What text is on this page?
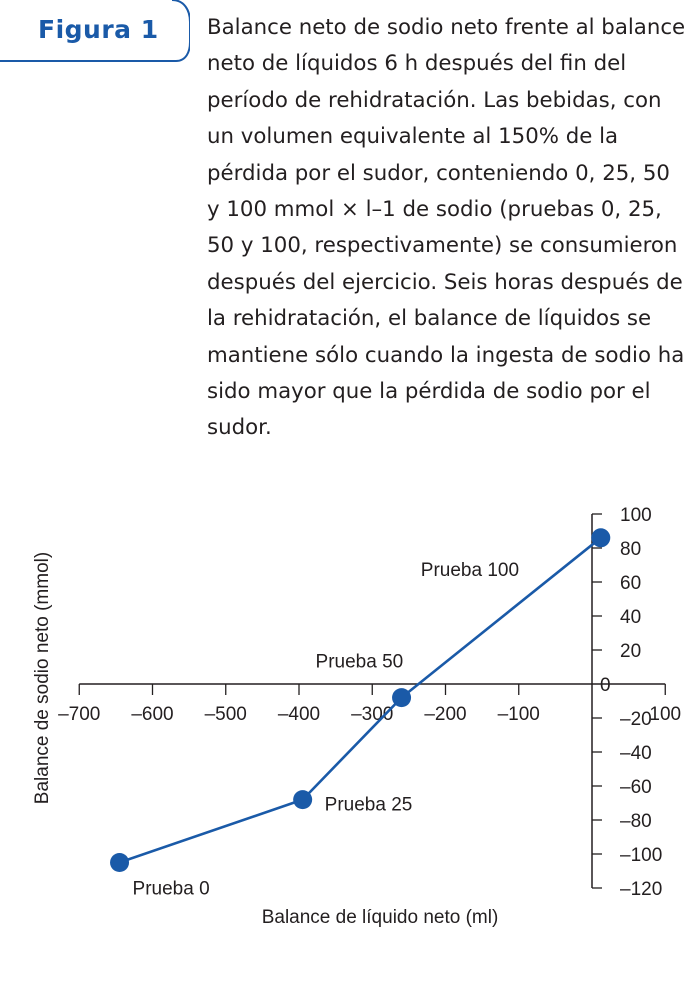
Figura 1 Balance neto de sodio neto frente al balance
neto de líquidos 6 h después del fin del
período de rehidratación. Las bebidas, con
un volumen equivalente al 150% de la
pérdida por el sudor, conteniendo 0, 25, 50
y 100 mmol × l–1 de sodio (pruebas 0, 25,
50 y 100, respectivamente) se consumieron
después del ejercicio. Seis horas después de
la rehidratación, el balance de líquidos se
mantiene sólo cuando la ingesta de sodio ha
sido mayor que la pérdida de sodio por el
sudor.
–700 –600 –500 –400 –300 –200 –100	100
100
80
60
40
20
0
–20
–40
–60
–80
–100
–120
Balance de líquido neto (ml)
Balance de sodio neto (mmol)
Prueba 0
Prueba 25
Prueba 50
Prueba 100
